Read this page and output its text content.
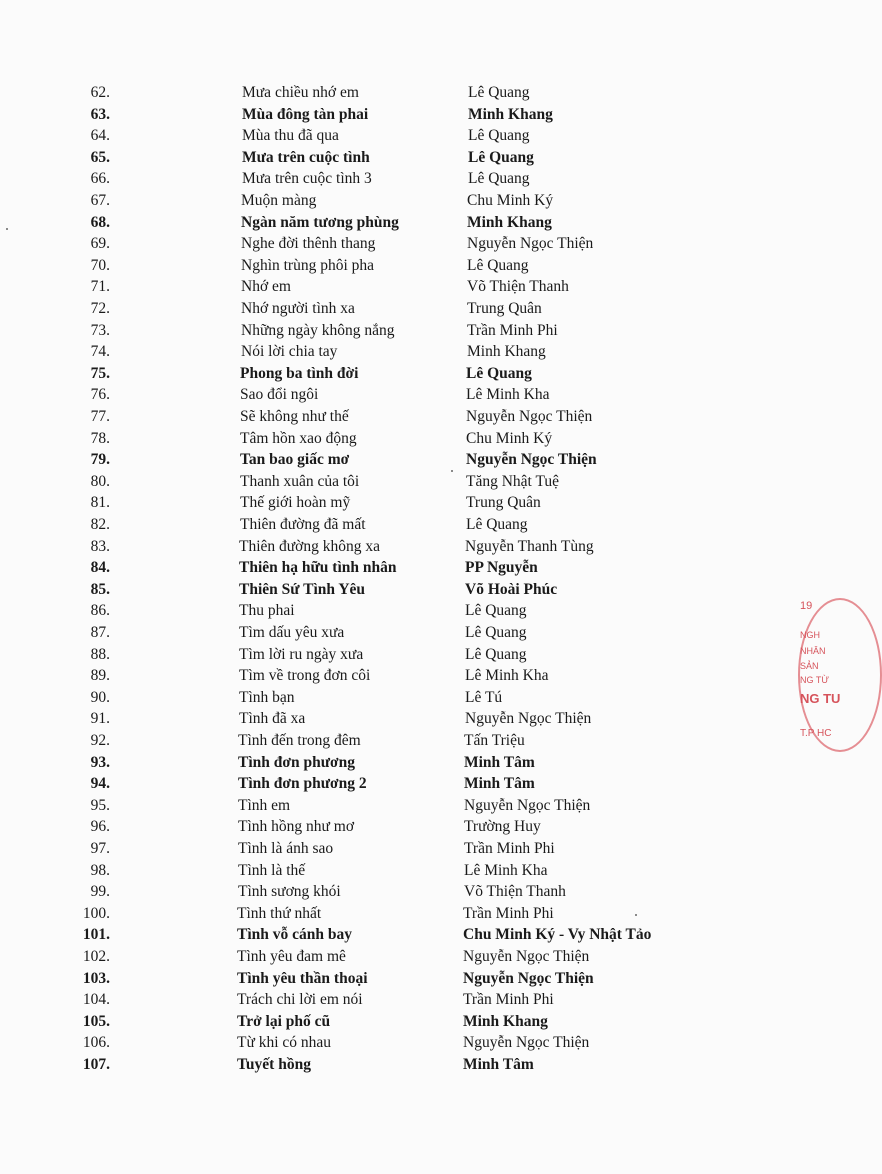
62.	Mưa chiều nhớ em	Lê Quang
63.	Mùa đông tàn phai	Minh Khang
64.	Mùa thu đã qua	Lê Quang
65.	Mưa trên cuộc tình	Lê Quang
66.	Mưa trên cuộc tình 3	Lê Quang
67.	Muộn màng	Chu Minh Ký
68.	Ngàn năm tương phùng	Minh Khang
69.	Nghe đời thênh thang	Nguyễn Ngọc Thiện
70.	Nghìn trùng phôi pha	Lê Quang
71.	Nhớ em	Võ Thiện Thanh
72.	Nhớ người tình xa	Trung Quân
73.	Những ngày không nắng	Trần Minh Phi
74.	Nói lời chia tay	Minh Khang
75.	Phong ba tình đời	Lê Quang
76.	Sao đổi ngôi	Lê Minh Kha
77.	Sẽ không như thế	Nguyễn Ngọc Thiện
78.	Tâm hồn xao động	Chu Minh Ký
79.	Tan bao giấc mơ	Nguyễn Ngọc Thiện
80.	Thanh xuân của tôi	Tăng Nhật Tuệ
81.	Thế giới hoàn mỹ	Trung Quân
82.	Thiên đường đã mất	Lê Quang
83.	Thiên đường không xa	Nguyễn Thanh Tùng
84.	Thiên hạ hữu tình nhân	PP Nguyễn
85.	Thiên Sứ Tình Yêu	Võ Hoài Phúc
86.	Thu phai	Lê Quang
87.	Tìm dấu yêu xưa	Lê Quang
88.	Tìm lời ru ngày xưa	Lê Quang
89.	Tìm về trong đơn côi	Lê Minh Kha
90.	Tình bạn	Lê Tú
91.	Tình đã xa	Nguyễn Ngọc Thiện
92.	Tình đến trong đêm	Tấn Triệu
93.	Tình đơn phương	Minh Tâm
94.	Tình đơn phương 2	Minh Tâm
95.	Tình em	Nguyễn Ngọc Thiện
96.	Tình hồng như mơ	Trường Huy
97.	Tình là ánh sao	Trần Minh Phi
98.	Tình là thế	Lê Minh Kha
99.	Tình sương khói	Võ Thiện Thanh
100.	Tình thứ nhất	Trần Minh Phi
101.	Tình vỗ cánh bay	Chu Minh Ký - Vy Nhật Tảo
102.	Tình yêu đam mê	Nguyễn Ngọc Thiện
103.	Tình yêu thần thoại	Nguyễn Ngọc Thiện
104.	Trách chi lời em nói	Trần Minh Phi
105.	Trở lại phố cũ	Minh Khang
106.	Từ khi có nhau	Nguyễn Ngọc Thiện
107.	Tuyết hồng	Minh Tâm
19
NGH
NHÂN
SẢN
NG TỪ
NG TU
T.P HC
